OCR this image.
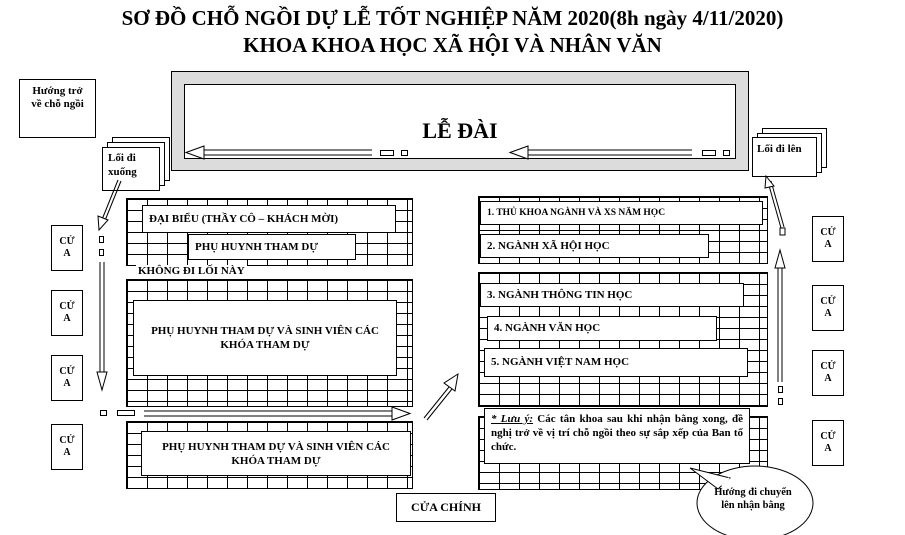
SƠ ĐỒ CHỖ NGỒI DỰ LỄ TỐT NGHIỆP NĂM 2020(8h ngày 4/11/2020)
KHOA KHOA HỌC XÃ HỘI VÀ NHÂN VĂN
LỄ ĐÀI
Hướng trở về chỗ ngồi
Lối đi xuống
Lối đi lên
ĐẠI BIỂU (THẦY CÔ – KHÁCH MỜI)
PHỤ HUYNH THAM DỰ
KHÔNG ĐI LỐI NÀY
PHỤ HUYNH THAM DỰ VÀ SINH VIÊN CÁC KHÓA THAM DỰ
PHỤ HUYNH THAM DỰ VÀ SINH VIÊN CÁC KHÓA THAM DỰ
1. THỦ KHOA NGÀNH VÀ XS NĂM HỌC
2. NGÀNH XÃ HỘI HỌC
3. NGÀNH THÔNG TIN HỌC
4. NGÀNH VĂN HỌC
5. NGÀNH VIỆT NAM HỌC
* Lưu ý: Các tân khoa sau khi nhận bằng xong, đề nghị trở về vị trí chỗ ngồi theo sự sắp xếp của Ban tổ chức.
CỬ
A
CỬ
A
CỬ
A
CỬ
A
CỬ
A
CỬ
A
CỬ
A
CỬ
A
CỬA CHÍNH
Hướng đi chuyển lên nhận bằng
